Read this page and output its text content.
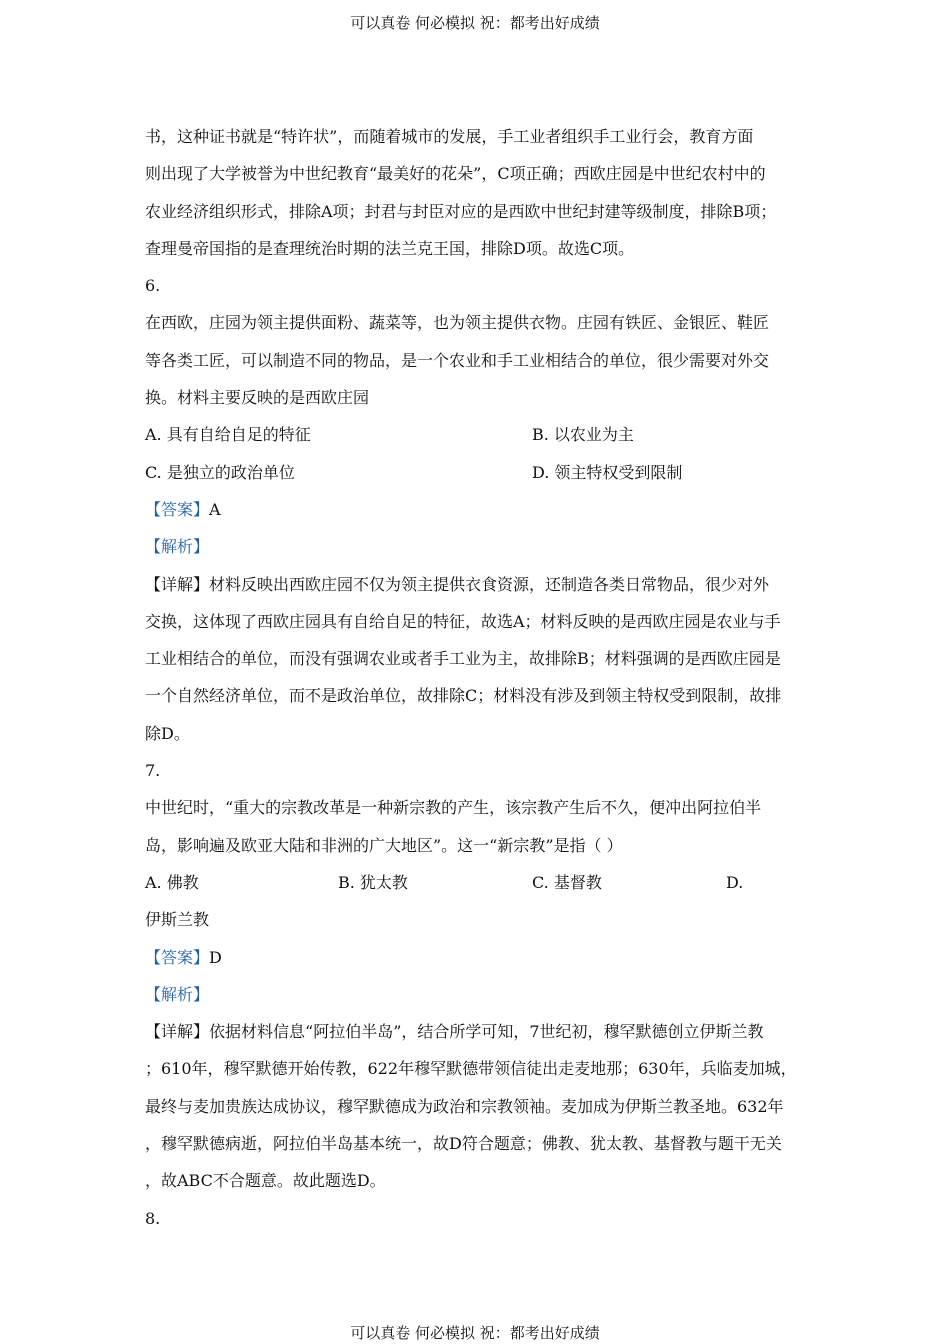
可以真卷 何必模拟 祝：都考出好成绩
书，这种证书就是“特许状”，而随着城市的发展，手工业者组织手工业行会，教育方面
则出现了大学被誉为中世纪教育“最美好的花朵”，C项正确；西欧庄园是中世纪农村中的
农业经济组织形式，排除A项；封君与封臣对应的是西欧中世纪封建等级制度，排除B项；
查理曼帝国指的是查理统治时期的法兰克王国，排除D项。故选C项。
6.
在西欧，庄园为领主提供面粉、蔬菜等，也为领主提供衣物。庄园有铁匠、金银匠、鞋匠
等各类工匠，可以制造不同的物品，是一个农业和手工业相结合的单位，很少需要对外交
换。材料主要反映的是西欧庄园
A. 具有自给自足的特征	B. 以农业为主
C. 是独立的政治单位	D. 领主特权受到限制
【答案】A
【解析】
【详解】材料反映出西欧庄园不仅为领主提供衣食资源，还制造各类日常物品，很少对外
交换，这体现了西欧庄园具有自给自足的特征，故选A；材料反映的是西欧庄园是农业与手
工业相结合的单位，而没有强调农业或者手工业为主，故排除B；材料强调的是西欧庄园是
一个自然经济单位，而不是政治单位，故排除C；材料没有涉及到领主特权受到限制，故排
除D。
7.
中世纪时，“重大的宗教改革是一种新宗教的产生，该宗教产生后不久，便冲出阿拉伯半
岛，影响遍及欧亚大陆和非洲的广大地区”。这一“新宗教”是指（ ）
A. 佛教	B. 犹太教	C. 基督教	D.
伊斯兰教
【答案】D
【解析】
【详解】依据材料信息“阿拉伯半岛”，结合所学可知，7世纪初，穆罕默德创立伊斯兰教
；610年，穆罕默德开始传教，622年穆罕默德带领信徒出走麦地那；630年，兵临麦加城，
最终与麦加贵族达成协议，穆罕默德成为政治和宗教领袖。麦加成为伊斯兰教圣地。632年
，穆罕默德病逝，阿拉伯半岛基本统一，故D符合题意；佛教、犹太教、基督教与题干无关
，故ABC不合题意。故此题选D。
8.
可以真卷 何必模拟 祝：都考出好成绩
